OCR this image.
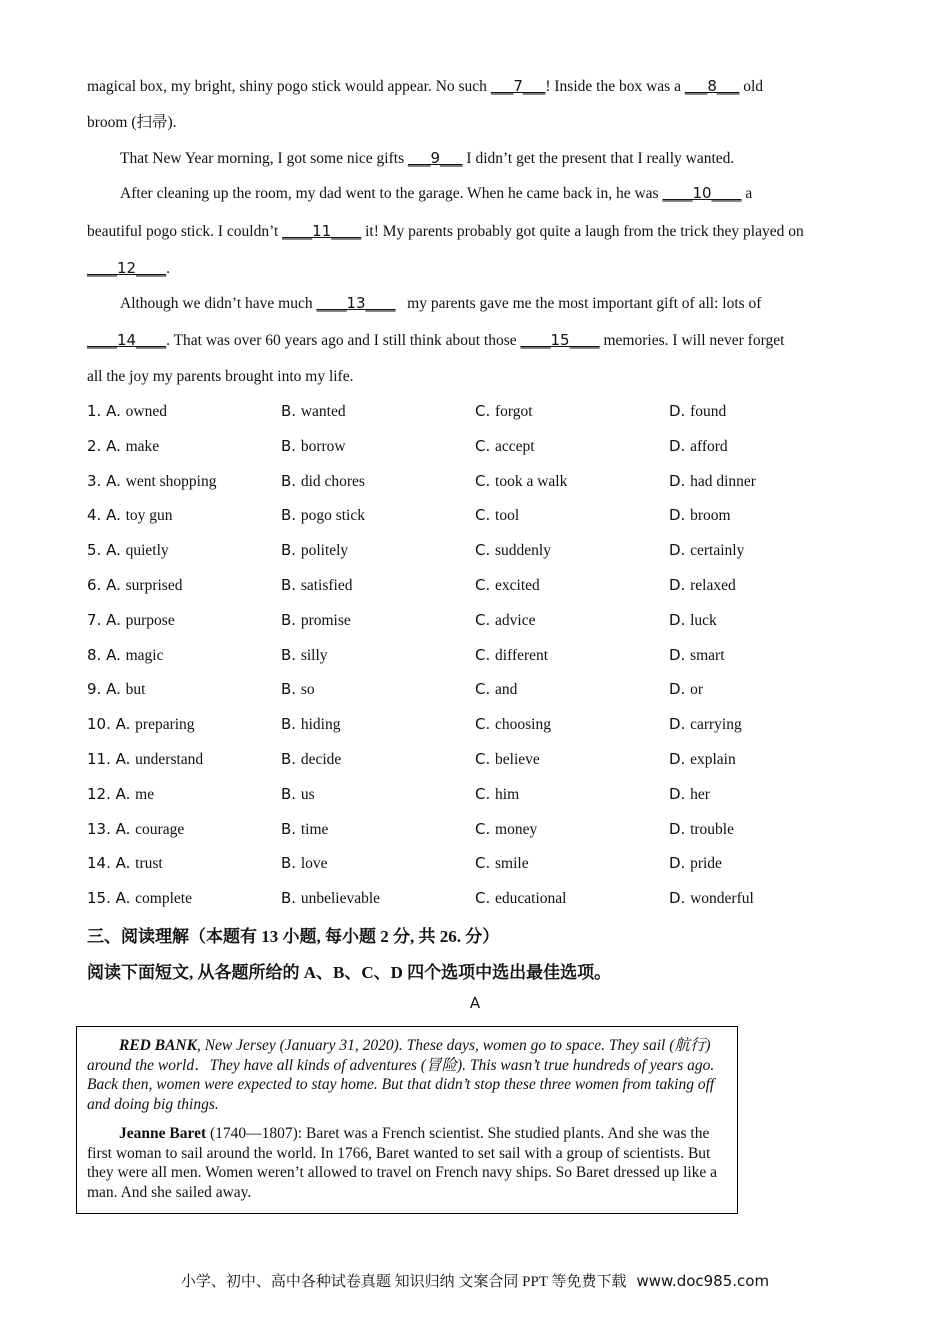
magical box, my bright, shiny pogo stick would appear. No such ___7___! Inside the box was a ___8___ old
broom (扫帚).
That New Year morning, I got some nice gifts ___9___ I didn’t get the present that I really wanted.
After cleaning up the room, my dad went to the garage. When he came back in, he was ____10____ a
beautiful pogo stick. I couldn’t ____11____ it! My parents probably got quite a laugh from the trick they played on
____12____.
Although we didn’t have much ____13____   my parents gave me the most important gift of all: lots of
____14____. That was over 60 years ago and I still think about those ____15____ memories. I will never forget
all the joy my parents brought into my life.
1. A. owned	B. wanted	C. forgot	D. found
2. A. make	B. borrow	C. accept	D. afford
3. A. went shopping	B. did chores	C. took a walk	D. had dinner
4. A. toy gun	B. pogo stick	C. tool	D. broom
5. A. quietly	B. politely	C. suddenly	D. certainly
6. A. surprised	B. satisfied	C. excited	D. relaxed
7. A. purpose	B. promise	C. advice	D. luck
8. A. magic	B. silly	C. different	D. smart
9. A. but	B. so	C. and	D. or
10. A. preparing	B. hiding	C. choosing	D. carrying
11. A. understand	B. decide	C. believe	D. explain
12. A. me	B. us	C. him	D. her
13. A. courage	B. time	C. money	D. trouble
14. A. trust	B. love	C. smile	D. pride
15. A. complete	B. unbelievable	C. educational	D. wonderful
三、阅读理解（本题有 13 小题, 每小题 2 分, 共 26. 分）
阅读下面短文, 从各题所给的 A、B、C、D 四个选项中选出最佳选项。
A

RED BANK, New Jersey (January 31, 2020). These days, women go to space. They sail (航行) around the world．They have all kinds of adventures (冒险). This wasn’t true hundreds of years ago. Back then, women were expected to stay home. But that didn’t stop these three women from taking off and doing big things.

Jeanne Baret (1740—1807): Baret was a French scientist. She studied plants. And she was the first woman to sail around the world. In 1766, Baret wanted to set sail with a group of scientists. But they were all men. Women weren’t allowed to travel on French navy ships. So Baret dressed up like a man. And she sailed away.

小学、初中、高中各种试卷真题 知识归纳 文案合同 PPT 等免费下载 www.doc985.com
